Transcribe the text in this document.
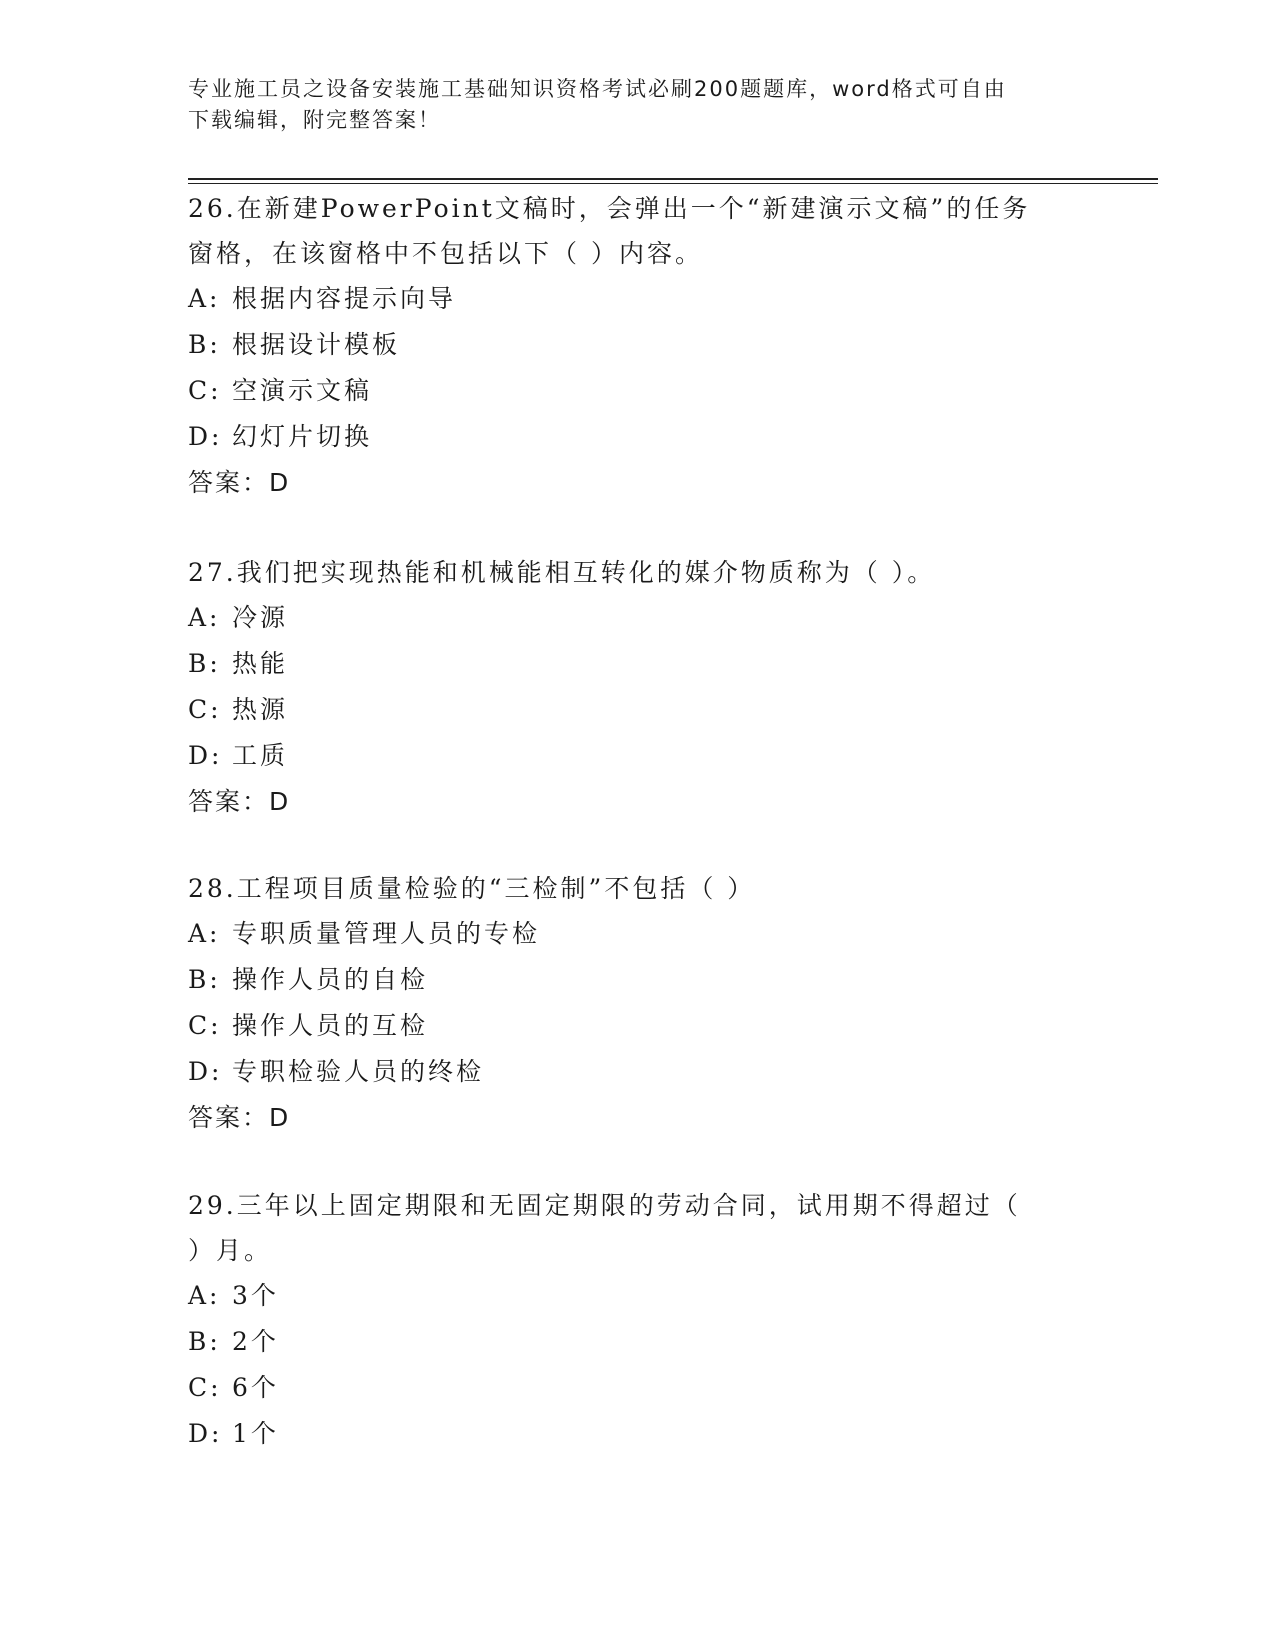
专业施工员之设备安装施工基础知识资格考试必刷200题题库，word格式可自由
下载编辑，附完整答案！

26.在新建PowerPoint文稿时，会弹出一个“新建演示文稿”的任务

窗格，在该窗格中不包括以下（ ）内容。

A: 根据内容提示向导

B: 根据设计模板

C: 空演示文稿

D: 幻灯片切换

答案：D

27.我们把实现热能和机械能相互转化的媒介物质称为（ ）。

A: 冷源

B: 热能

C: 热源

D: 工质

答案：D

28.工程项目质量检验的“三检制”不包括（ ）

A: 专职质量管理人员的专检

B: 操作人员的自检

C: 操作人员的互检

D: 专职检验人员的终检

答案：D

29.三年以上固定期限和无固定期限的劳动合同，试用期不得超过（

）月。

A: 3个

B: 2个

C: 6个

D: 1个
